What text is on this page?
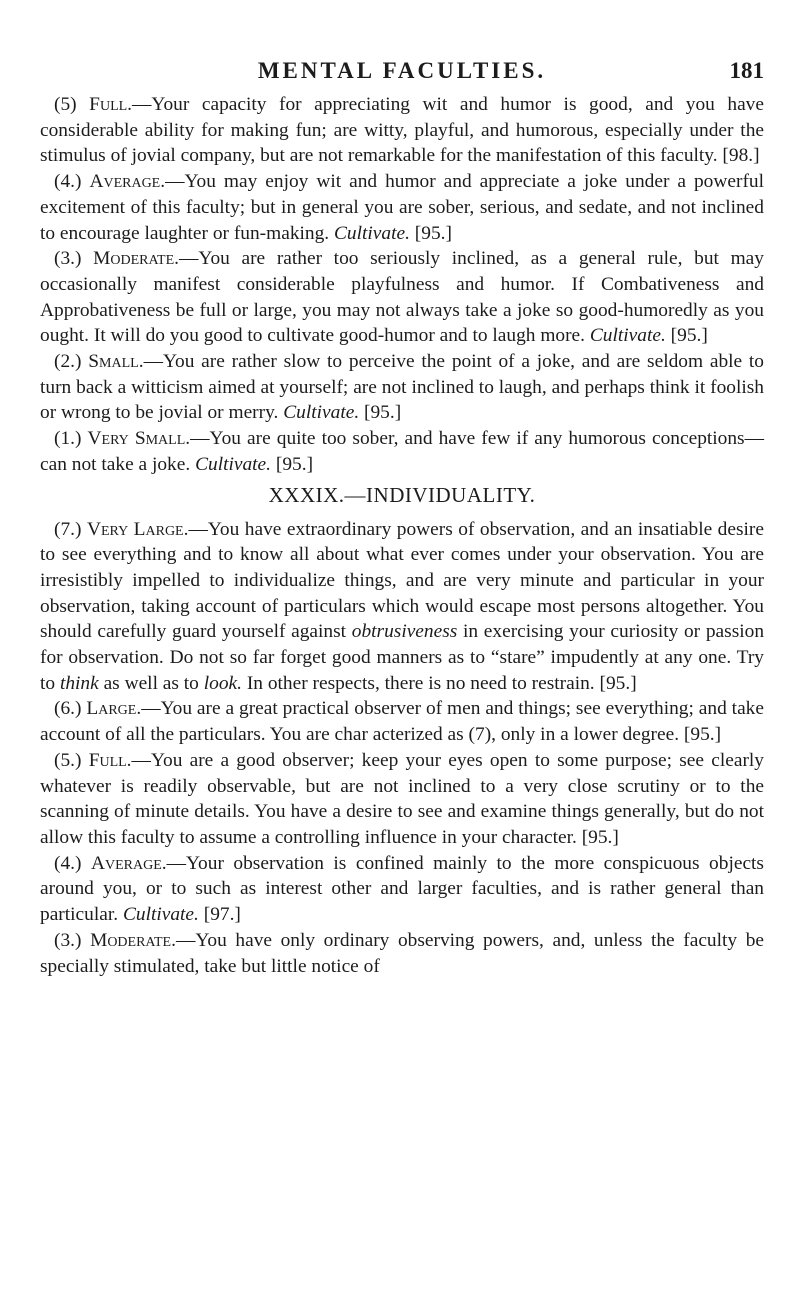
MENTAL FACULTIES.	181

(5) Full.—Your capacity for appreciating wit and humor is good, and you have considerable ability for making fun; are witty, playful, and humorous, especially under the stimulus of jovial company, but are not remarkable for the manifestation of this faculty. [98.]

(4.) Average.—You may enjoy wit and humor and appreciate a joke under a powerful excitement of this faculty; but in general you are sober, serious, and sedate, and not inclined to encourage laughter or fun-making. Cultivate. [95.]

(3.) Moderate.—You are rather too seriously inclined, as a general rule, but may occasionally manifest considerable playfulness and humor. If Combativeness and Approbativeness be full or large, you may not always take a joke so good-humoredly as you ought. It will do you good to cultivate good-humor and to laugh more. Cultivate. [95.]

(2.) Small.—You are rather slow to perceive the point of a joke, and are seldom able to turn back a witticism aimed at yourself; are not inclined to laugh, and perhaps think it foolish or wrong to be jovial or merry. Cultivate. [95.]

(1.) Very Small.—You are quite too sober, and have few if any humorous conceptions—can not take a joke. Cultivate. [95.]

XXXIX.—INDIVIDUALITY.

(7.) Very Large.—You have extraordinary powers of observation, and an insatiable desire to see everything and to know all about what ever comes under your observation. You are irresistibly impelled to individualize things, and are very minute and particular in your observation, taking account of particulars which would escape most persons altogether. You should carefully guard yourself against obtrusiveness in exercising your curiosity or passion for observation. Do not so far forget good manners as to “stare” impudently at any one. Try to think as well as to look. In other respects, there is no need to restrain. [95.]

(6.) Large.—You are a great practical observer of men and things; see everything; and take account of all the particulars. You are char acterized as (7), only in a lower degree. [95.]

(5.) Full.—You are a good observer; keep your eyes open to some purpose; see clearly whatever is readily observable, but are not inclined to a very close scrutiny or to the scanning of minute details. You have a desire to see and examine things generally, but do not allow this faculty to assume a controlling influence in your character. [95.]

(4.) Average.—Your observation is confined mainly to the more conspicuous objects around you, or to such as interest other and larger faculties, and is rather general than particular. Cultivate. [97.]

(3.) Moderate.—You have only ordinary observing powers, and, unless the faculty be specially stimulated, take but little notice of
